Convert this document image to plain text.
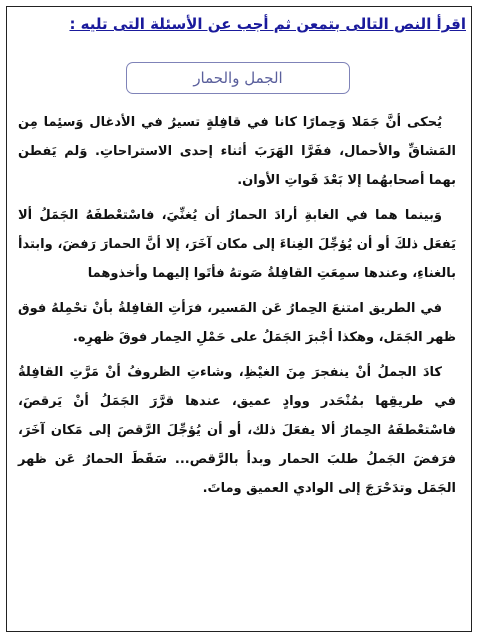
اقرأ النص التالى بتمعن ثم أجب عن الأسئلة التى تليه :
الجمل والحمار

يُحكى أنَّ جَمَلا وَحِمارًا كانا في قافِلةٍ تسيرُ في الأدغال وَسئِما مِن المَشاقِّ والأحمال، ففَرَّا الهَرَبَ أثناء إحدى الاستراحاتِ. وَلم يَفطن بهما أصحابهُما إلا بَعْدَ فَواتِ الأوان.

وَبينما هما في الغابةِ أرادَ الحمارُ أن يُغنِّيَ، فاسْتعْطفَهُ الجَمَلُ ألا يَفعَل ذلكَ أو أن يُؤجِّلَ الغِناءَ إلى مكان آخَرَ، إلا أنَّ الحمارَ رَفضَ، وابتدأ بالغناءِ، وعندها سمِعَتِ القافِلةُ صَوتهُ فأتَوا إليهما وأخذوهما

في الطريق امتنعَ الحِمارُ عَن المَسير، فرَأتِ القافِلةُ بأنْ تحْمِلهُ فوق ظهر الجَمَل، وهكذا أجْبرَ الجَمَلُ على حَمْلِ الحِمار فوقَ ظهرِه.

كادَ الجملُ أنْ ينفجرَ مِنَ الغيْظِ، وشاءتِ الظروفُ أنْ مَرَّتِ القافِلةُ في طريقِها بمُنْحَدر ووادٍ عميق، عندها قرَّرَ الجَمَلُ أنْ يَرقصَ، فاسْتعْطفَهُ الحِمارُ ألا يفعَلَ ذلك، أو أن يُؤجِّلَ الرَّقصَ إلى مَكان آخَرَ، فرَفضَ الجَملُ طلبَ الحمار وبدأ بالرَّقص... سَقَطَ الحمارُ عَن ظهر الجَمَل وتدَحْرَجَ إلى الوادي العميق وماتَ.
